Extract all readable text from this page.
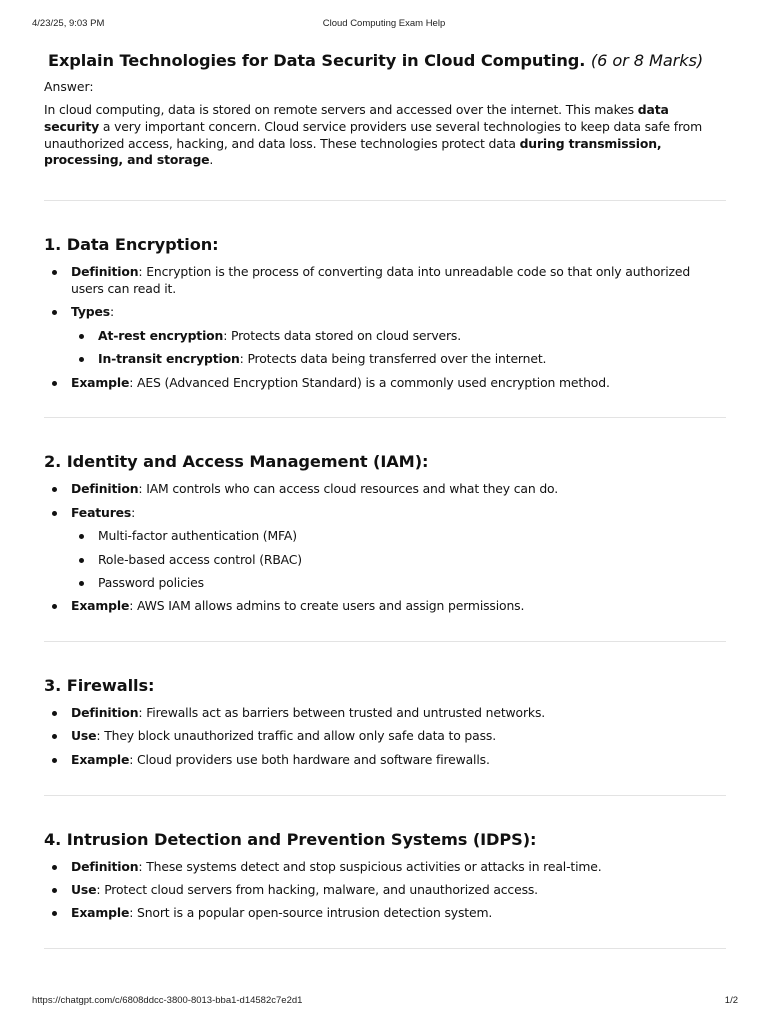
4/23/25, 9:03 PM	Cloud Computing Exam Help
Explain Technologies for Data Security in Cloud Computing. (6 or 8 Marks)
Answer:

In cloud computing, data is stored on remote servers and accessed over the internet. This makes data security a very important concern. Cloud service providers use several technologies to keep data safe from unauthorized access, hacking, and data loss. These technologies protect data during transmission, processing, and storage.

1. Data Encryption:
Definition: Encryption is the process of converting data into unreadable code so that only authorized users can read it.
Types:
At-rest encryption: Protects data stored on cloud servers.
In-transit encryption: Protects data being transferred over the internet.
Example: AES (Advanced Encryption Standard) is a commonly used encryption method.
2. Identity and Access Management (IAM):
Definition: IAM controls who can access cloud resources and what they can do.
Features:
Multi-factor authentication (MFA)
Role-based access control (RBAC)
Password policies
Example: AWS IAM allows admins to create users and assign permissions.
3. Firewalls:
Definition: Firewalls act as barriers between trusted and untrusted networks.
Use: They block unauthorized traffic and allow only safe data to pass.
Example: Cloud providers use both hardware and software firewalls.
4. Intrusion Detection and Prevention Systems (IDPS):
Definition: These systems detect and stop suspicious activities or attacks in real-time.
Use: Protect cloud servers from hacking, malware, and unauthorized access.
Example: Snort is a popular open-source intrusion detection system.
https://chatgpt.com/c/6808ddcc-3800-8013-bba1-d14582c7e2d1	1/2
